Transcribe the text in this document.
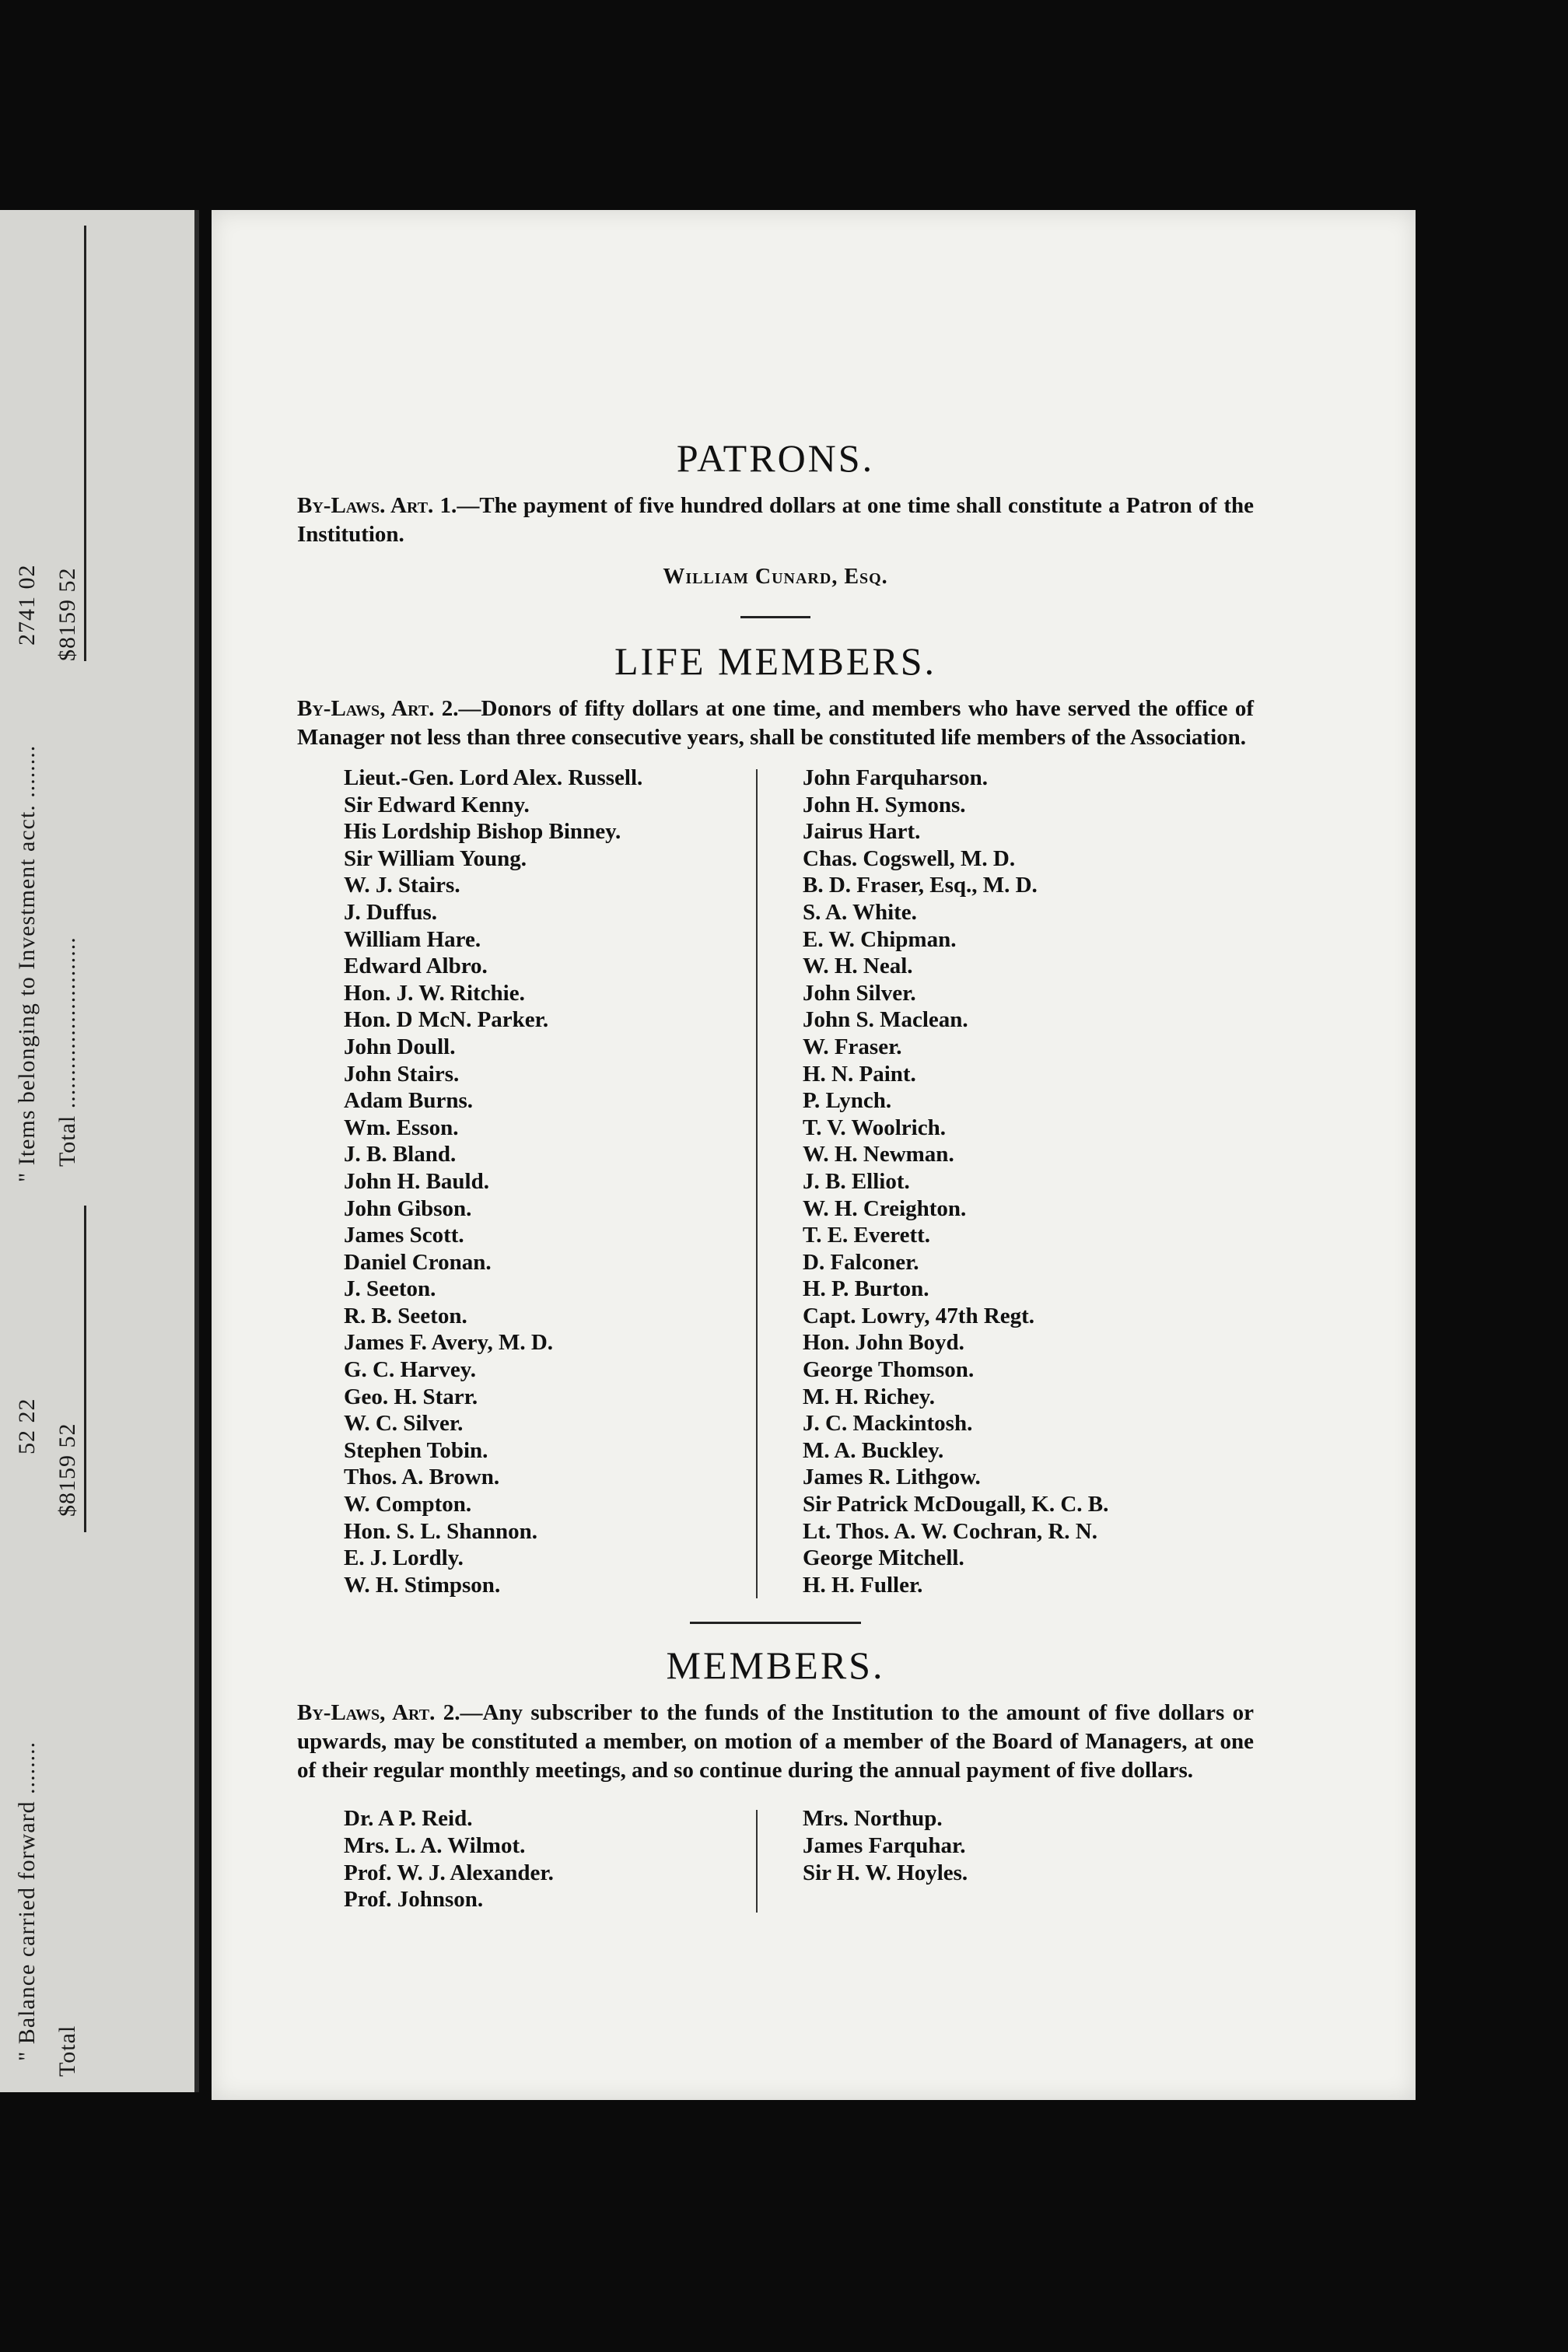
2741 02 $8159 52
" Items belonging to Investment acct. ........ Total ..........................
52 22 $8159 52
" Balance carried forward ........ Total
PATRONS.

By-Laws. Art. 1.—The payment of five hundred dollars at one time shall constitute a Patron of the Institution.

William Cunard, Esq.
LIFE MEMBERS.

By-Laws, Art. 2.—Donors of fifty dollars at one time, and members who have served the office of Manager not less than three consecutive years, shall be constituted life members of the Association.

Lieut.-Gen. Lord Alex. Russell.
Sir Edward Kenny.
His Lordship Bishop Binney.
Sir William Young.
W. J. Stairs.
J. Duffus.
William Hare.
Edward Albro.
Hon. J. W. Ritchie.
Hon. D McN. Parker.
John Doull.
John Stairs.
Adam Burns.
Wm. Esson.
J. B. Bland.
John H. Bauld.
John Gibson.
James Scott.
Daniel Cronan.
J. Seeton.
R. B. Seeton.
James F. Avery, M. D.
G. C. Harvey.
Geo. H. Starr.
W. C. Silver.
Stephen Tobin.
Thos. A. Brown.
W. Compton.
Hon. S. L. Shannon.
E. J. Lordly.
W. H. Stimpson.
John Farquharson.
John H. Symons.
Jairus Hart.
Chas. Cogswell, M. D.
B. D. Fraser, Esq., M. D.
S. A. White.
E. W. Chipman.
W. H. Neal.
John Silver.
John S. Maclean.
W. Fraser.
H. N. Paint.
P. Lynch.
T. V. Woolrich.
W. H. Newman.
J. B. Elliot.
W. H. Creighton.
T. E. Everett.
D. Falconer.
H. P. Burton.
Capt. Lowry, 47th Regt.
Hon. John Boyd.
George Thomson.
M. H. Richey.
J. C. Mackintosh.
M. A. Buckley.
James R. Lithgow.
Sir Patrick McDougall, K. C. B.
Lt. Thos. A. W. Cochran, R. N.
George Mitchell.
H. H. Fuller.
MEMBERS.

By-Laws, Art. 2.—Any subscriber to the funds of the Institution to the amount of five dollars or upwards, may be constituted a member, on motion of a member of the Board of Managers, at one of their regular monthly meetings, and so continue during the annual payment of five dollars.

Dr. A P. Reid.
Mrs. L. A. Wilmot.
Prof. W. J. Alexander.
Prof. Johnson.
Mrs. Northup.
James Farquhar.
Sir H. W. Hoyles.
